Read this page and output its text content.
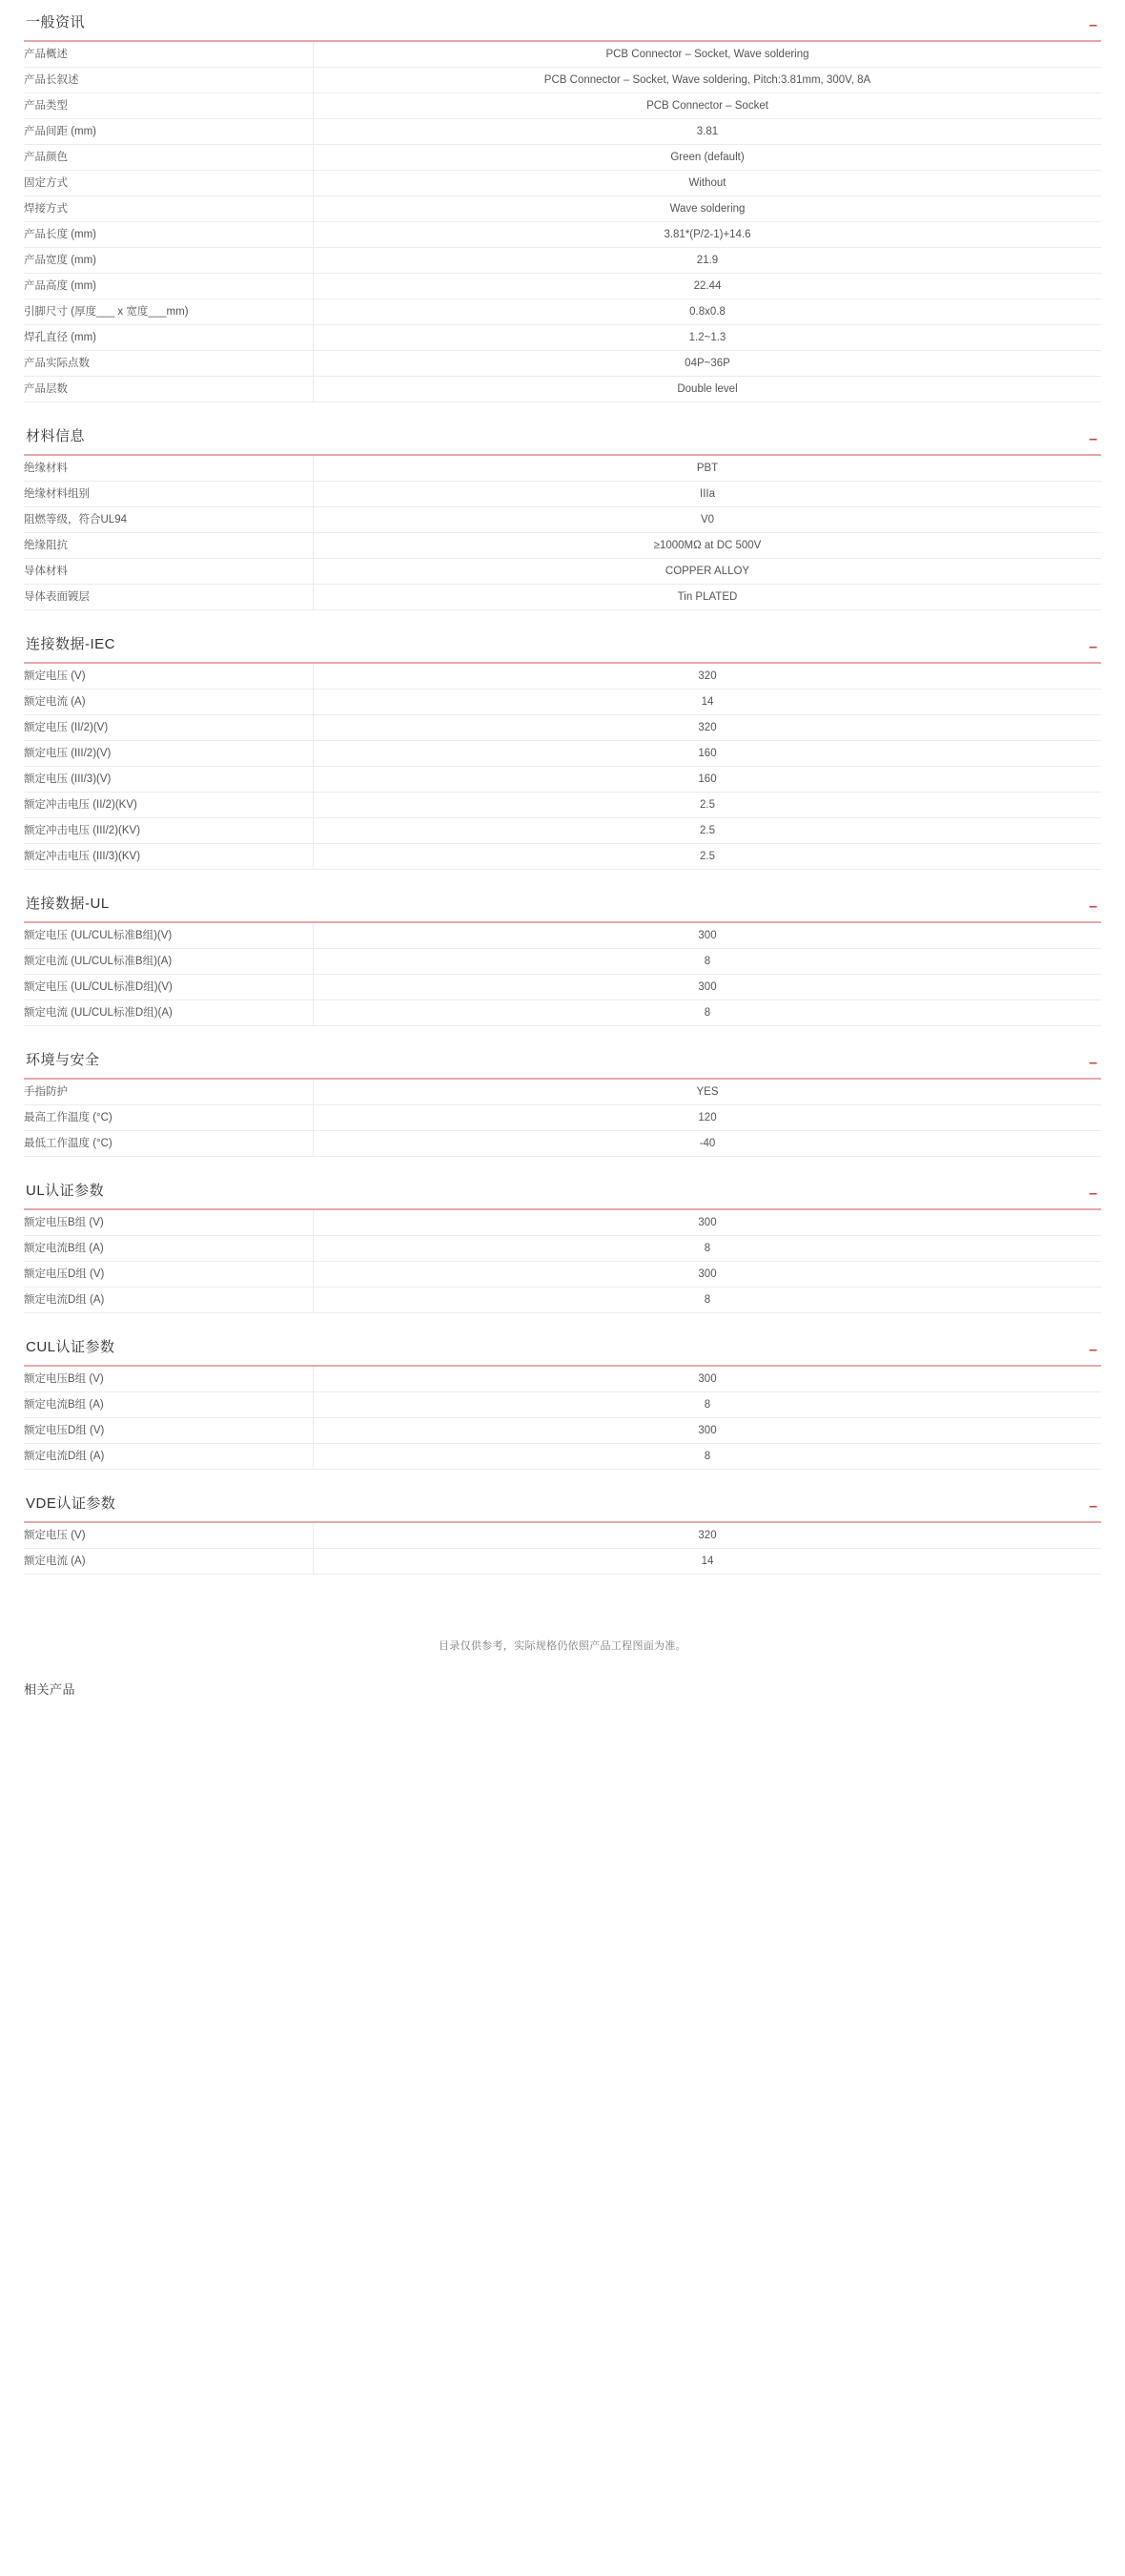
一般资讯	–
产品概述	PCB Connector – Socket, Wave soldering
产品长叙述	PCB Connector – Socket, Wave soldering, Pitch:3.81mm, 300V, 8A
产品类型	PCB Connector – Socket
产品间距 (mm)	3.81
产品颜色	Green (default)
固定方式	Without
焊接方式	Wave soldering
产品长度 (mm)	3.81*(P/2-1)+14.6
产品宽度 (mm)	21.9
产品高度 (mm)	22.44
引脚尺寸 (厚度___ x 宽度___mm)	0.8x0.8
焊孔直径 (mm)	1.2~1.3
产品实际点数	04P~36P
产品层数	Double level
材料信息	–
绝缘材料	PBT
绝缘材料组别	IIIa
阻燃等级，符合UL94	V0
绝缘阻抗	≥1000MΩ at DC 500V
导体材料	COPPER ALLOY
导体表面镀层	Tin PLATED
连接数据-IEC	–
额定电压 (V)	320
额定电流 (A)	14
额定电压 (II/2)(V)	320
额定电压 (III/2)(V)	160
额定电压 (III/3)(V)	160
额定冲击电压 (II/2)(KV)	2.5
额定冲击电压 (III/2)(KV)	2.5
额定冲击电压 (III/3)(KV)	2.5
连接数据-UL	–
额定电压 (UL/CUL标准B组)(V)	300
额定电流 (UL/CUL标准B组)(A)	8
额定电压 (UL/CUL标准D组)(V)	300
额定电流 (UL/CUL标准D组)(A)	8
环境与安全	–
手指防护	YES
最高工作温度 (°C)	120
最低工作温度 (°C)	-40
UL认证参数	–
额定电压B组 (V)	300
额定电流B组 (A)	8
额定电压D组 (V)	300
额定电流D组 (A)	8
CUL认证参数	–
额定电压B组 (V)	300
额定电流B组 (A)	8
额定电压D组 (V)	300
额定电流D组 (A)	8
VDE认证参数	–
额定电压 (V)	320
额定电流 (A)	14
目录仅供参考，实际规格仍依照产品工程图面为准。
相关产品
